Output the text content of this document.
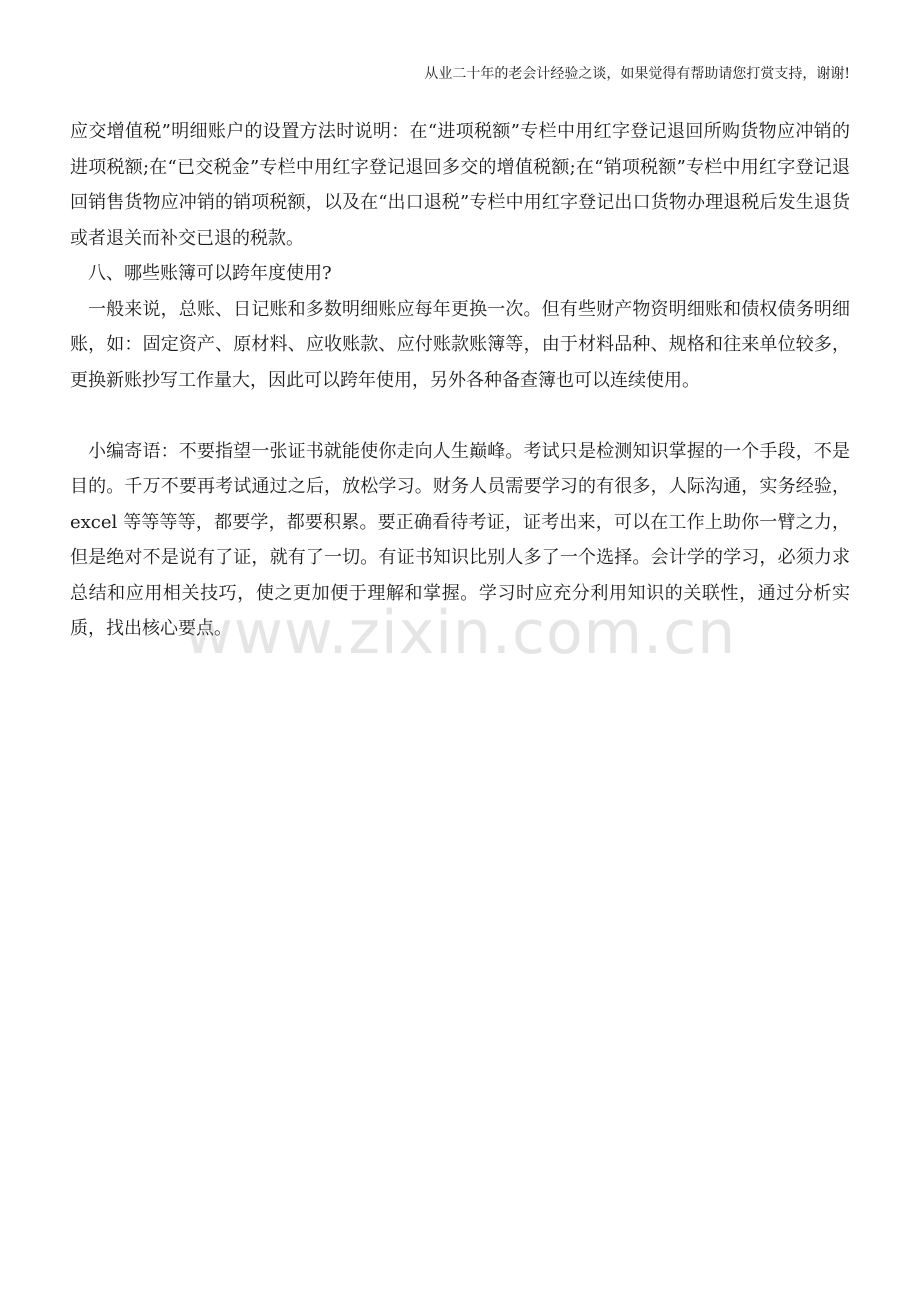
从业二十年的老会计经验之谈，如果觉得有帮助请您打赏支持，谢谢!

应交增值税”明细账户的设置方法时说明：在“进项税额”专栏中用红字登记退回所购货物应冲销的进项税额;在“已交税金”专栏中用红字登记退回多交的增值税额;在“销项税额”专栏中用红字登记退回销售货物应冲销的销项税额，以及在“出口退税”专栏中用红字登记出口货物办理退税后发生退货或者退关而补交已退的税款。

八、哪些账簿可以跨年度使用?

一般来说，总账、日记账和多数明细账应每年更换一次。但有些财产物资明细账和债权债务明细账，如：固定资产、原材料、应收账款、应付账款账簿等，由于材料品种、规格和往来单位较多，更换新账抄写工作量大，因此可以跨年使用，另外各种备查簿也可以连续使用。

小编寄语：不要指望一张证书就能使你走向人生巅峰。考试只是检测知识掌握的一个手段，不是目的。千万不要再考试通过之后，放松学习。财务人员需要学习的有很多，人际沟通，实务经验，excel 等等等等，都要学，都要积累。要正确看待考证，证考出来，可以在工作上助你一臂之力，但是绝对不是说有了证，就有了一切。有证书知识比别人多了一个选择。会计学的学习，必须力求总结和应用相关技巧，使之更加便于理解和掌握。学习时应充分利用知识的关联性，通过分析实质，找出核心要点。

www.zixin.com.cn
